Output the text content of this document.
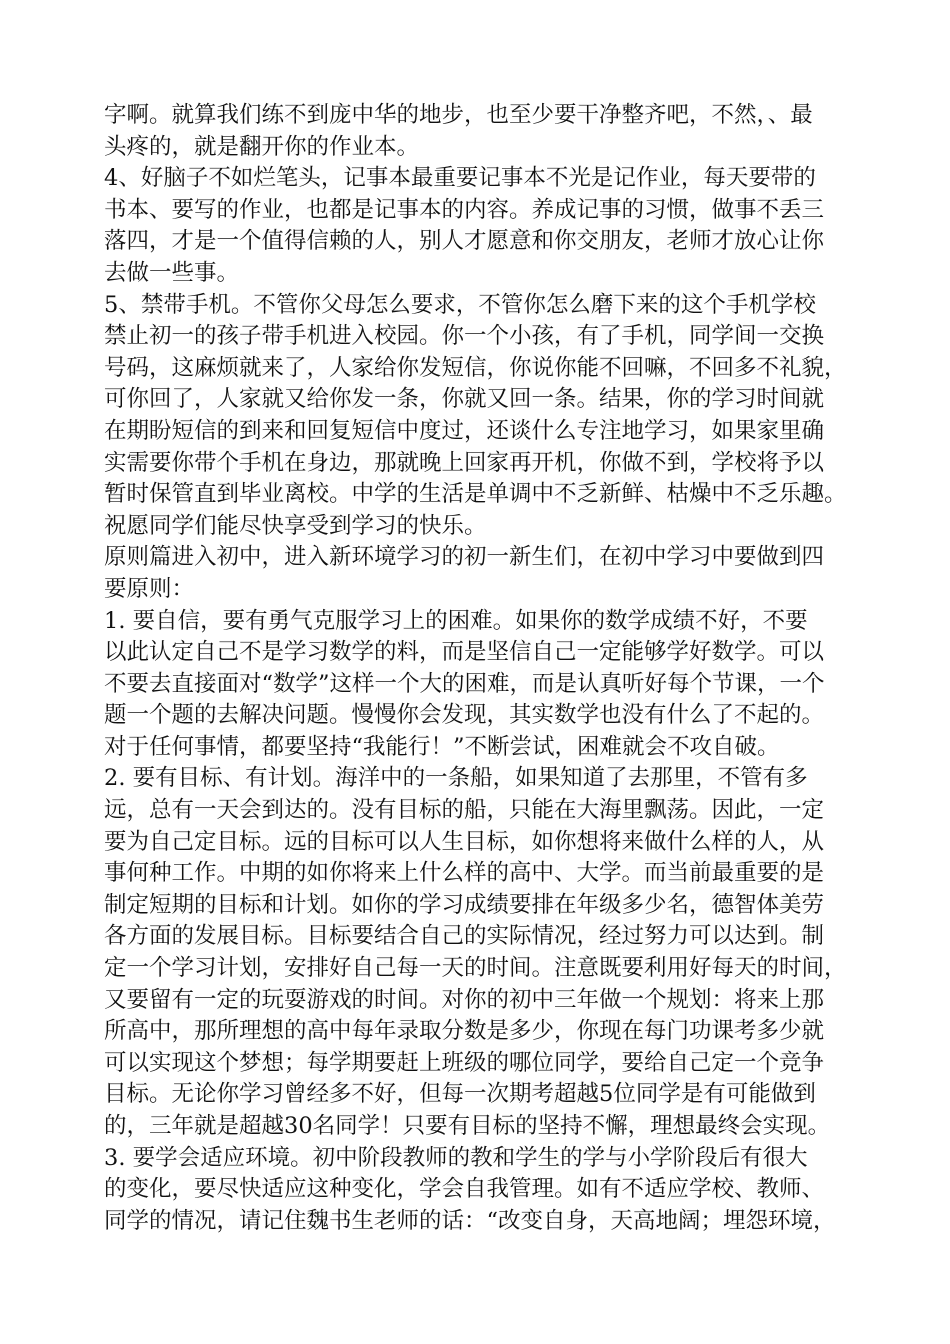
字啊。就算我们练不到庞中华的地步，也至少要干净整齐吧，不然，、最
头疼的，就是翻开你的作业本。
4、好脑子不如烂笔头，记事本最重要记事本不光是记作业，每天要带的
书本、要写的作业，也都是记事本的内容。养成记事的习惯，做事不丢三
落四，才是一个值得信赖的人，别人才愿意和你交朋友，老师才放心让你
去做一些事。
5、禁带手机。不管你父母怎么要求，不管你怎么磨下来的这个手机学校
禁止初一的孩子带手机进入校园。你一个小孩，有了手机，同学间一交换
号码，这麻烦就来了，人家给你发短信，你说你能不回嘛，不回多不礼貌，
可你回了，人家就又给你发一条，你就又回一条。结果，你的学习时间就
在期盼短信的到来和回复短信中度过，还谈什么专注地学习，如果家里确
实需要你带个手机在身边，那就晚上回家再开机，你做不到，学校将予以
暂时保管直到毕业离校。中学的生活是单调中不乏新鲜、枯燥中不乏乐趣。
祝愿同学们能尽快享受到学习的快乐。
原则篇进入初中，进入新环境学习的初一新生们，在初中学习中要做到四
要原则：
1. 要自信，要有勇气克服学习上的困难。如果你的数学成绩不好，不要
以此认定自己不是学习数学的料，而是坚信自己一定能够学好数学。可以
不要去直接面对“数学”这样一个大的困难，而是认真听好每个节课，一个
题一个题的去解决问题。慢慢你会发现，其实数学也没有什么了不起的。
对于任何事情，都要坚持“我能行！”不断尝试，困难就会不攻自破。
2. 要有目标、有计划。海洋中的一条船，如果知道了去那里，不管有多
远，总有一天会到达的。没有目标的船，只能在大海里飘荡。因此，一定
要为自己定目标。远的目标可以人生目标，如你想将来做什么样的人，从
事何种工作。中期的如你将来上什么样的高中、大学。而当前最重要的是
制定短期的目标和计划。如你的学习成绩要排在年级多少名，德智体美劳
各方面的发展目标。目标要结合自己的实际情况，经过努力可以达到。制
定一个学习计划，安排好自己每一天的时间。注意既要利用好每天的时间，
又要留有一定的玩耍游戏的时间。对你的初中三年做一个规划：将来上那
所高中，那所理想的高中每年录取分数是多少，你现在每门功课考多少就
可以实现这个梦想；每学期要赶上班级的哪位同学，要给自己定一个竞争
目标。无论你学习曾经多不好，但每一次期考超越5位同学是有可能做到
的，三年就是超越30名同学！只要有目标的坚持不懈，理想最终会实现。
3. 要学会适应环境。初中阶段教师的教和学生的学与小学阶段后有很大
的变化，要尽快适应这种变化，学会自我管理。如有不适应学校、教师、
同学的情况，请记住魏书生老师的话：“改变自身，天高地阔；埋怨环境，
